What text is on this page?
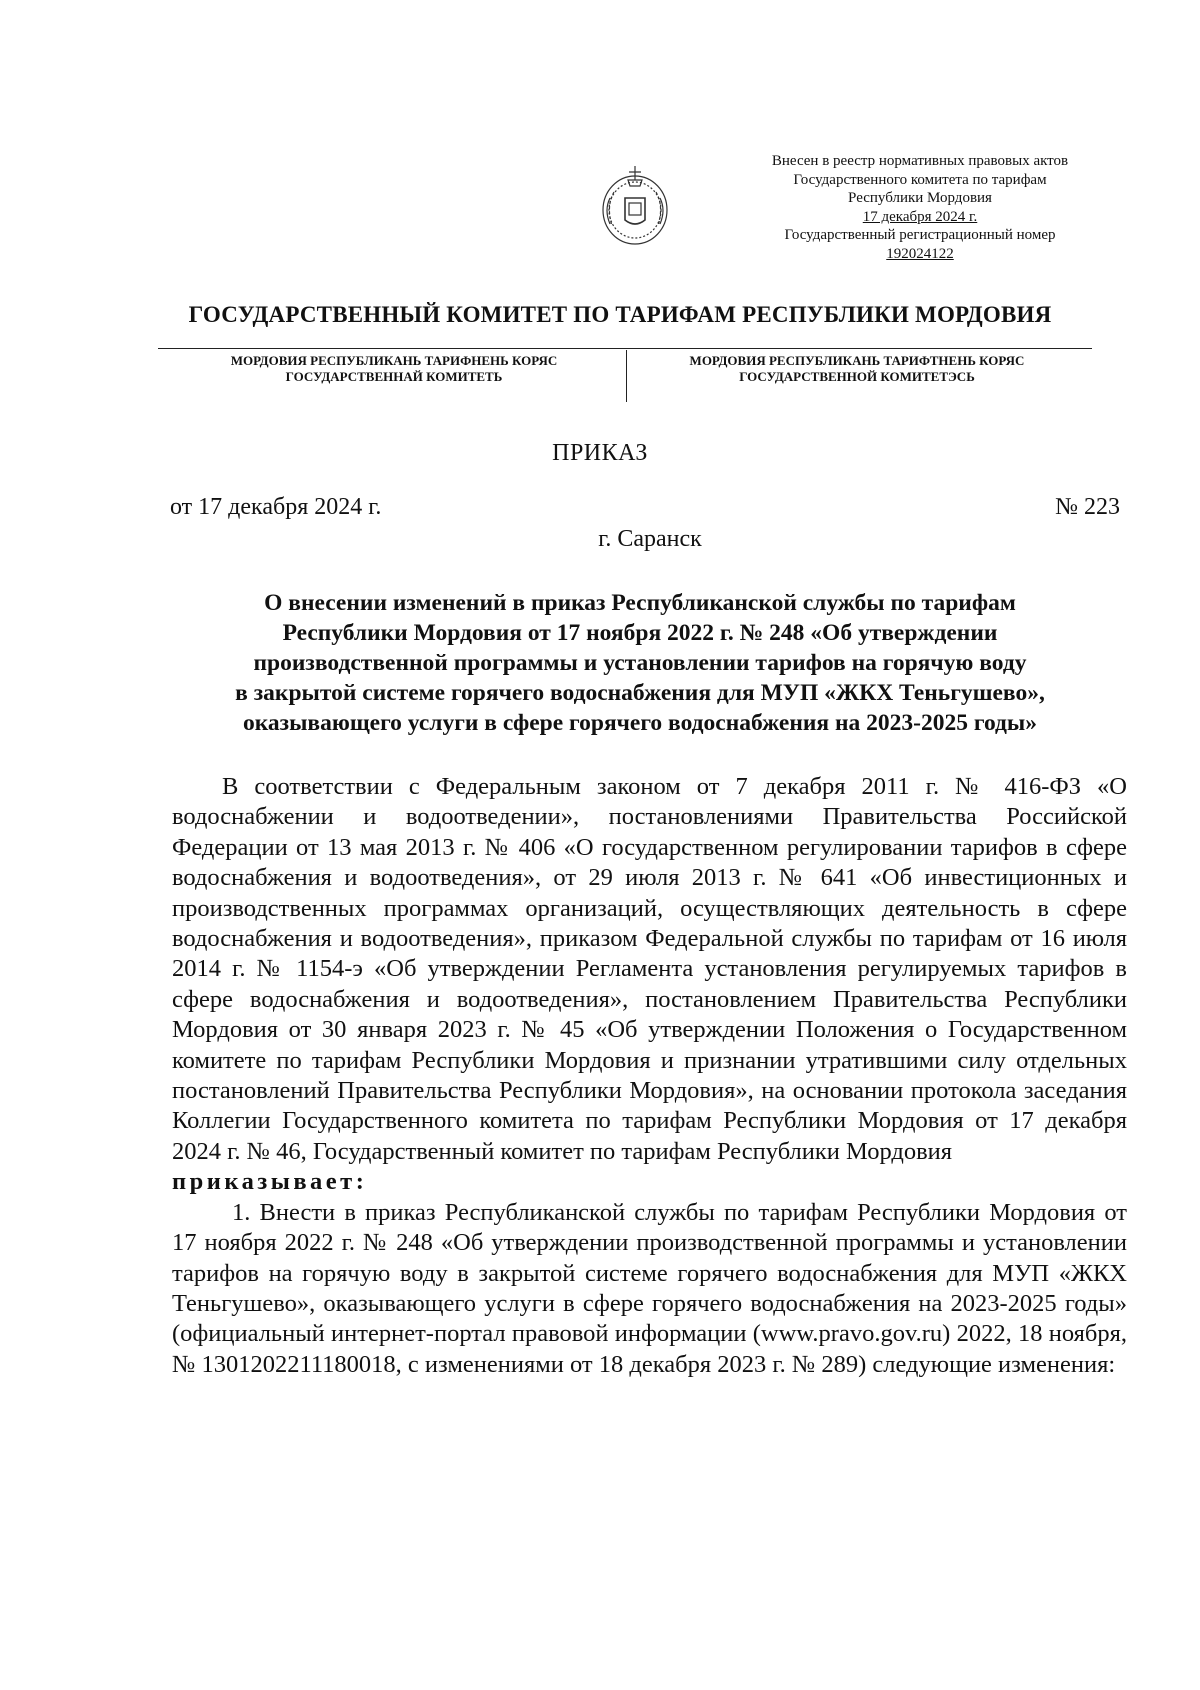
Внесен в реестр нормативных правовых актов
Государственного комитета по тарифам
Республики Мордовия
17 декабря 2024 г.
Государственный регистрационный номер
192024122
ГОСУДАРСТВЕННЫЙ КОМИТЕТ ПО ТАРИФАМ РЕСПУБЛИКИ МОРДОВИЯ
МОРДОВИЯ РЕСПУБЛИКАНЬ ТАРИФНЕНЬ КОРЯС
ГОСУДАРСТВЕННАЙ КОМИТЕТЬ
МОРДОВИЯ РЕСПУБЛИКАНЬ ТАРИФТНЕНЬ КОРЯС
ГОСУДАРСТВЕННОЙ КОМИТЕТЭСЬ
ПРИКАЗ
от 17 декабря 2024 г.	№ 223
г. Саранск
О внесении изменений в приказ Республиканской службы по тарифам
Республики Мордовия от 17 ноября 2022 г. № 248 «Об утверждении
производственной программы и установлении тарифов на горячую воду
в закрытой системе горячего водоснабжения для МУП «ЖКХ Теньгушево»,
оказывающего услуги в сфере горячего водоснабжения на 2023-2025 годы»

В соответствии с Федеральным законом от 7 декабря 2011 г. № 416-ФЗ «О водоснабжении и водоотведении», постановлениями Правительства Российской Федерации от 13 мая 2013 г. № 406 «О государственном регулировании тарифов в сфере водоснабжения и водоотведения», от 29 июля 2013 г. № 641 «Об инвестиционных и производственных программах организаций, осуществляющих деятельность в сфере водоснабжения и водоотведения», приказом Федеральной службы по тарифам от 16 июля 2014 г. № 1154-э «Об утверждении Регламента установления регулируемых тарифов в сфере водоснабжения и водоотведения», постановлением Правительства Республики Мордовия от 30 января 2023 г. № 45 «Об утверждении Положения о Государственном комитете по тарифам Республики Мордовия и признании утратившими силу отдельных постановлений Правительства Республики Мордовия», на основании протокола заседания Коллегии Государственного комитета по тарифам Республики Мордовия от 17 декабря 2024 г. № 46, Государственный комитет по тарифам Республики Мордовия

приказывает:

1. Внести в приказ Республиканской службы по тарифам Республики Мордовия от 17 ноября 2022 г. № 248 «Об утверждении производственной программы и установлении тарифов на горячую воду в закрытой системе горячего водоснабжения для МУП «ЖКХ Теньгушево», оказывающего услуги в сфере горячего водоснабжения на 2023-2025 годы» (официальный интернет-портал правовой информации (www.pravo.gov.ru) 2022, 18 ноября, № 1301202211180018, с изменениями от 18 декабря 2023 г. № 289) следующие изменения:
